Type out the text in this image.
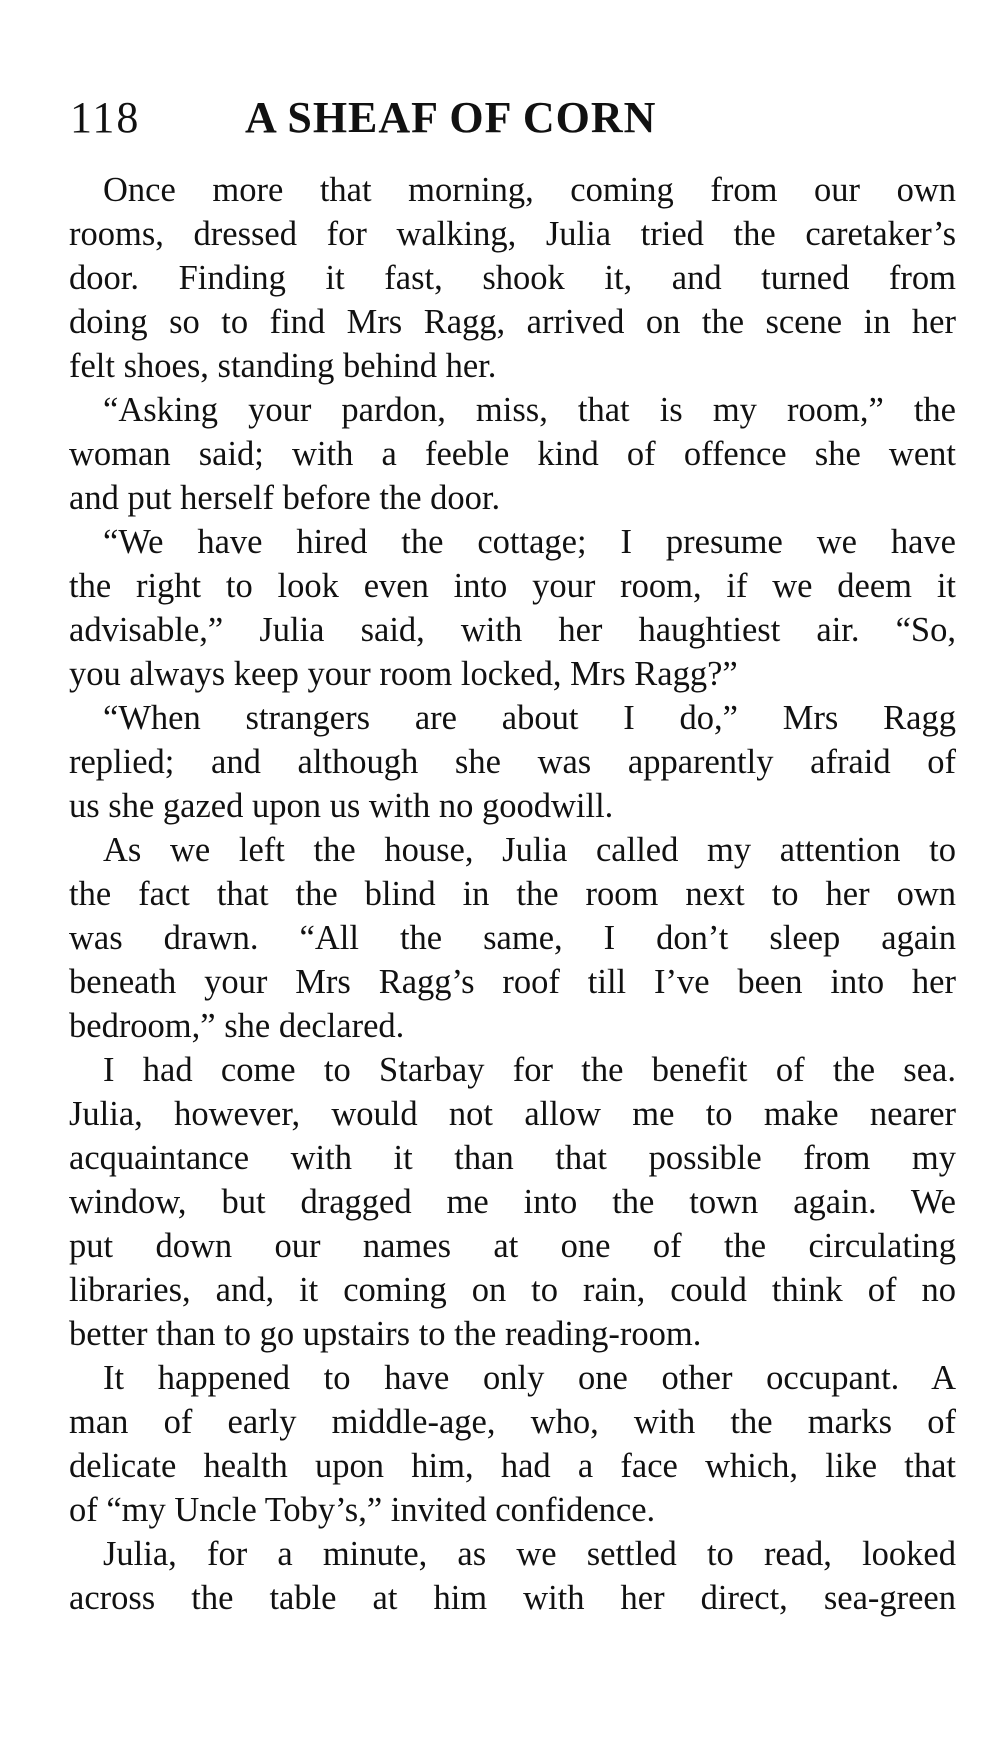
118 A SHEAF OF CORN
Once more that morning, coming from our own
rooms, dressed for walking, Julia tried the caretaker’s
door. Finding it fast, shook it, and turned from
doing so to find Mrs Ragg, arrived on the scene in her
felt shoes, standing behind her.
“Asking your pardon, miss, that is my room,” the
woman said; with a feeble kind of offence she went
and put herself before the door.
“We have hired the cottage; I presume we have
the right to look even into your room, if we deem it
advisable,” Julia said, with her haughtiest air. “So,
you always keep your room locked, Mrs Ragg?”
“When strangers are about I do,” Mrs Ragg
replied; and although she was apparently afraid of
us she gazed upon us with no goodwill.
As we left the house, Julia called my attention to
the fact that the blind in the room next to her own
was drawn. “All the same, I don’t sleep again
beneath your Mrs Ragg’s roof till I’ve been into her
bedroom,” she declared.
I had come to Starbay for the benefit of the sea.
Julia, however, would not allow me to make nearer
acquaintance with it than that possible from my
window, but dragged me into the town again. We
put down our names at one of the circulating
libraries, and, it coming on to rain, could think of no
better than to go upstairs to the reading-room.
It happened to have only one other occupant. A
man of early middle-age, who, with the marks of
delicate health upon him, had a face which, like that
of “my Uncle Toby’s,” invited confidence.
Julia, for a minute, as we settled to read, looked
across the table at him with her direct, sea-green
